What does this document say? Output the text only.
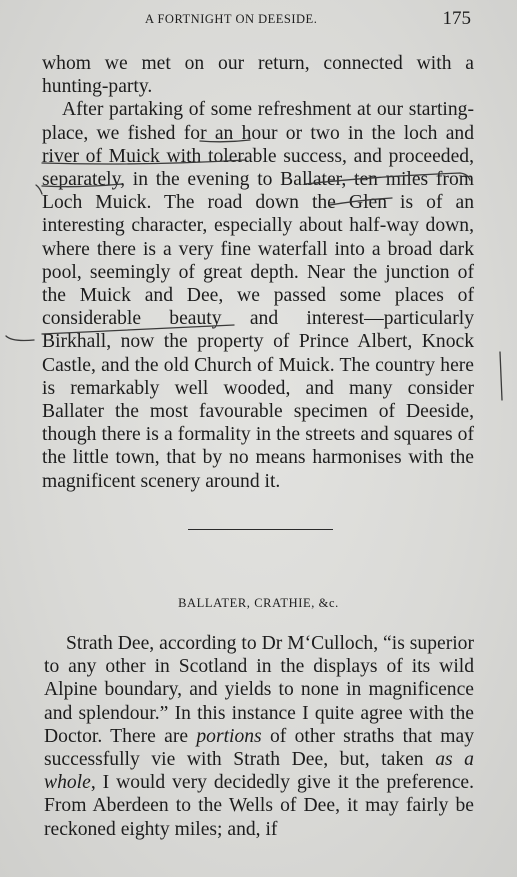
A FORTNIGHT ON DEESIDE.	175

whom we met on our return, connected with a hunting-party.

After partaking of some refreshment at our starting-place, we fished for an hour or two in the loch and river of Muick with tolerable success, and proceeded, separately, in the evening to Ballater, ten miles from Loch Muick. The road down the Glen is of an interesting character, especially about half-way down, where there is a very fine waterfall into a broad dark pool, seemingly of great depth. Near the junction of the Muick and Dee, we passed some places of considerable beauty and interest—particularly Birkhall, now the property of Prince Albert, Knock Castle, and the old Church of Muick. The country here is remarkably well wooded, and many consider Ballater the most favourable specimen of Deeside, though there is a formality in the streets and squares of the little town, that by no means harmonises with the magnificent scenery around it.

BALLATER, CRATHIE, &c.

Strath Dee, according to Dr M‘Culloch, “is superior to any other in Scotland in the displays of its wild Alpine boundary, and yields to none in magnificence and splendour.” In this instance I quite agree with the Doctor. There are portions of other straths that may successfully vie with Strath Dee, but, taken as a whole, I would very decidedly give it the preference. From Aberdeen to the Wells of Dee, it may fairly be reckoned eighty miles; and, if
